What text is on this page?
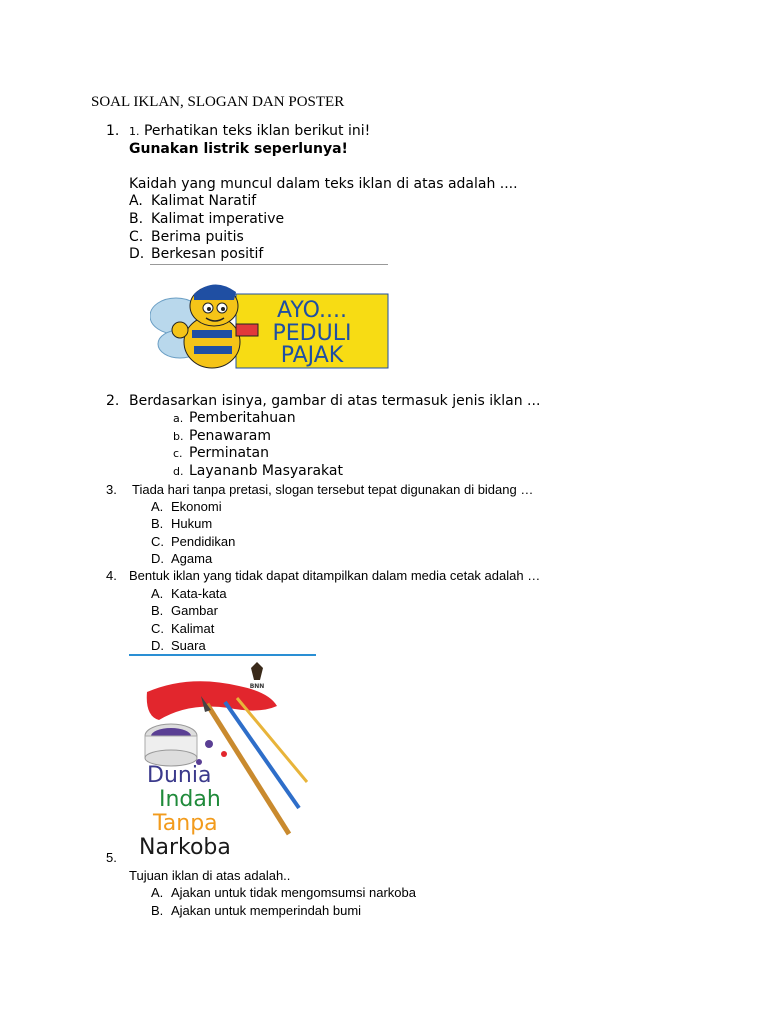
SOAL IKLAN, SLOGAN DAN POSTER
1. 1. Perhatikan teks iklan berikut ini!
Gunakan listrik seperlunya!
Kaidah yang muncul dalam teks iklan di atas adalah ....
A. Kalimat Naratif
B. Kalimat imperative
C. Berima puitis
D. Berkesan positif
AYO....
PEDULI
PAJAK
2. Berdasarkan isinya, gambar di atas termasuk jenis iklan ...
a. Pemberitahuan
b. Penawaram
c. Perminatan
d. Layananb Masyarakat
3. Tiada hari tanpa pretasi, slogan tersebut tepat digunakan di bidang …
A. Ekonomi
B. Hukum
C. Pendidikan
D. Agama
4. Bentuk iklan yang tidak dapat ditampilkan dalam media cetak adalah …
A. Kata-kata
B. Gambar
C. Kalimat
D. Suara
BNN
Dunia
Indah
Tanpa
Narkoba
5.
Tujuan iklan di atas adalah..
A. Ajakan untuk tidak mengomsumsi narkoba
B. Ajakan untuk memperindah bumi
